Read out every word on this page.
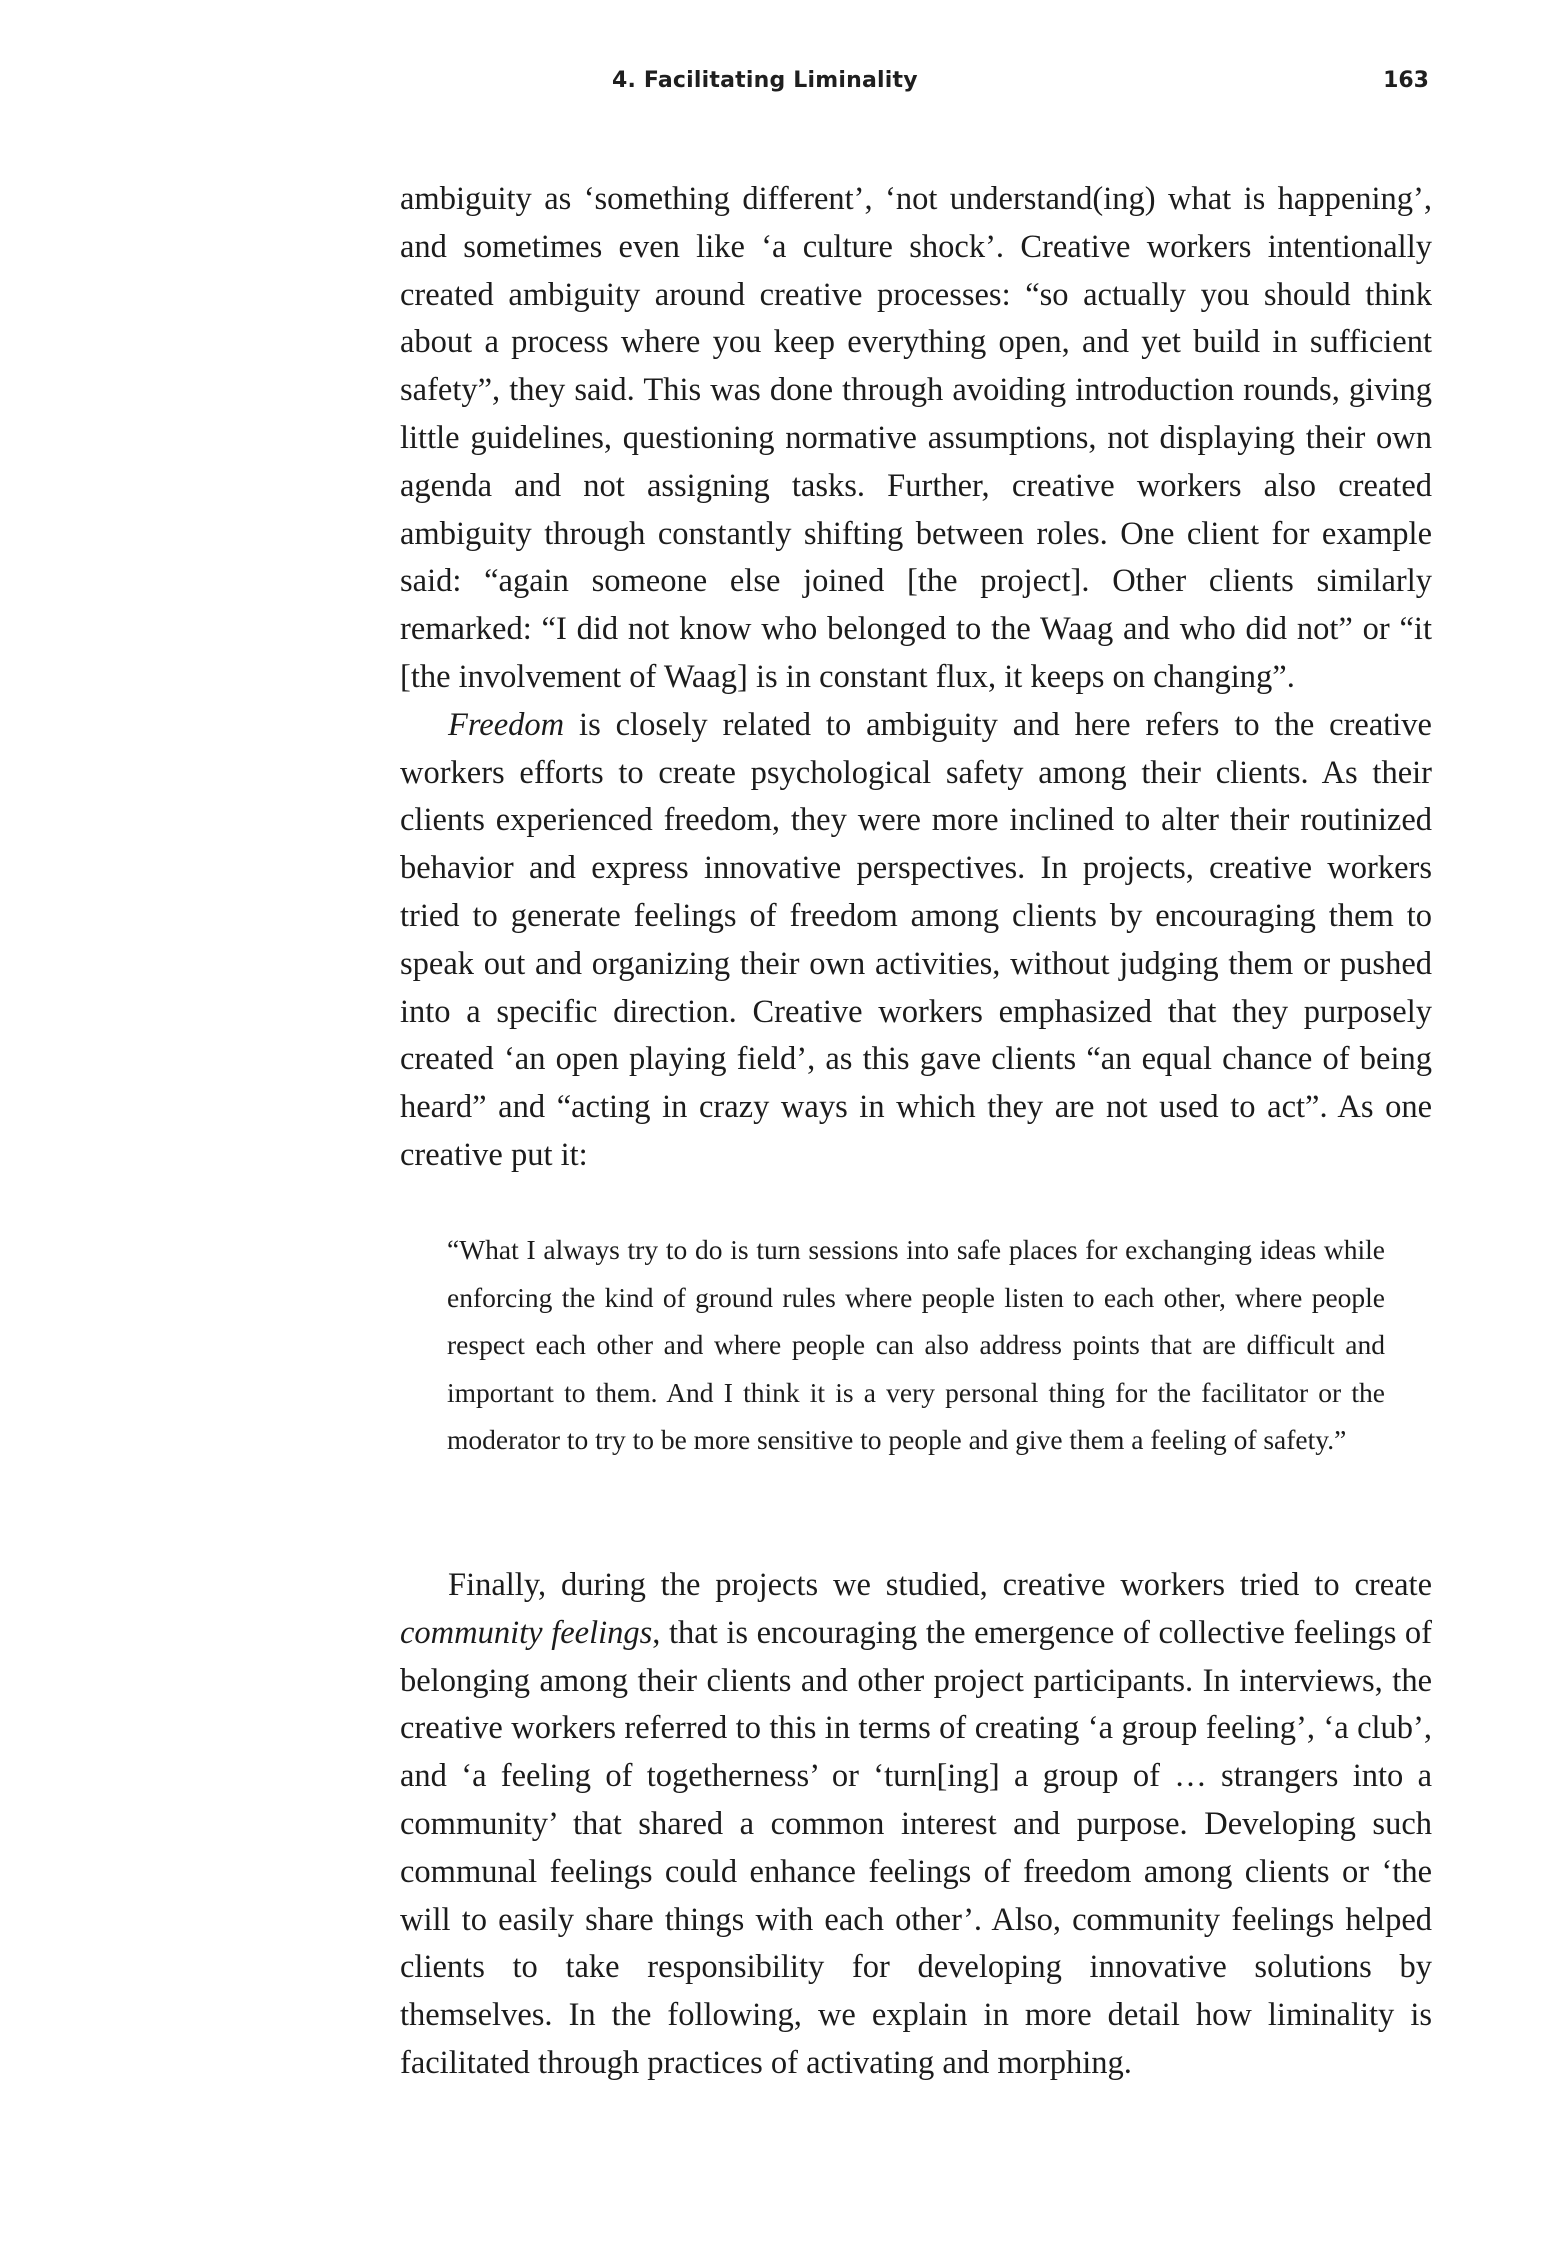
4. Facilitating Liminality	163

ambiguity as ‘something different’, ‘not understand(ing) what is happening’, and sometimes even like ‘a culture shock’. Creative workers intentionally created ambiguity around creative processes: “so actually you should think about a process where you keep everything open, and yet build in sufficient safety”, they said. This was done through avoiding introduction rounds, giving little guidelines, questioning normative assumptions, not displaying their own agenda and not assigning tasks. Further, creative workers also created ambiguity through constantly shifting between roles. One client for example said: “again someone else joined [the project]. Other clients similarly remarked: “I did not know who belonged to the Waag and who did not” or “it [the involvement of Waag] is in constant flux, it keeps on changing”.

Freedom is closely related to ambiguity and here refers to the creative workers efforts to create psychological safety among their clients. As their clients experienced freedom, they were more inclined to alter their routinized behavior and express innovative perspectives. In projects, creative workers tried to generate feelings of freedom among clients by encouraging them to speak out and organizing their own activities, without judging them or pushed into a specific direction. Creative workers emphasized that they purposely created ‘an open playing field’, as this gave clients “an equal chance of being heard” and “acting in crazy ways in which they are not used to act”. As one creative put it:

“What I always try to do is turn sessions into safe places for exchanging ideas while enforcing the kind of ground rules where people listen to each other, where people respect each other and where people can also address points that are difficult and important to them. And I think it is a very personal thing for the facilitator or the moderator to try to be more sensitive to people and give them a feeling of safety.”

Finally, during the projects we studied, creative workers tried to create community feelings, that is encouraging the emergence of collective feelings of belonging among their clients and other project participants. In interviews, the creative workers referred to this in terms of creating ‘a group feeling’, ‘a club’, and ‘a feeling of togetherness’ or ‘turn[ing] a group of … strangers into a community’ that shared a common interest and purpose. Developing such communal feelings could enhance feelings of freedom among clients or ‘the will to easily share things with each other’. Also, community feelings helped clients to take responsibility for developing innovative solutions by themselves. In the following, we explain in more detail how liminality is facilitated through practices of activating and morphing.
